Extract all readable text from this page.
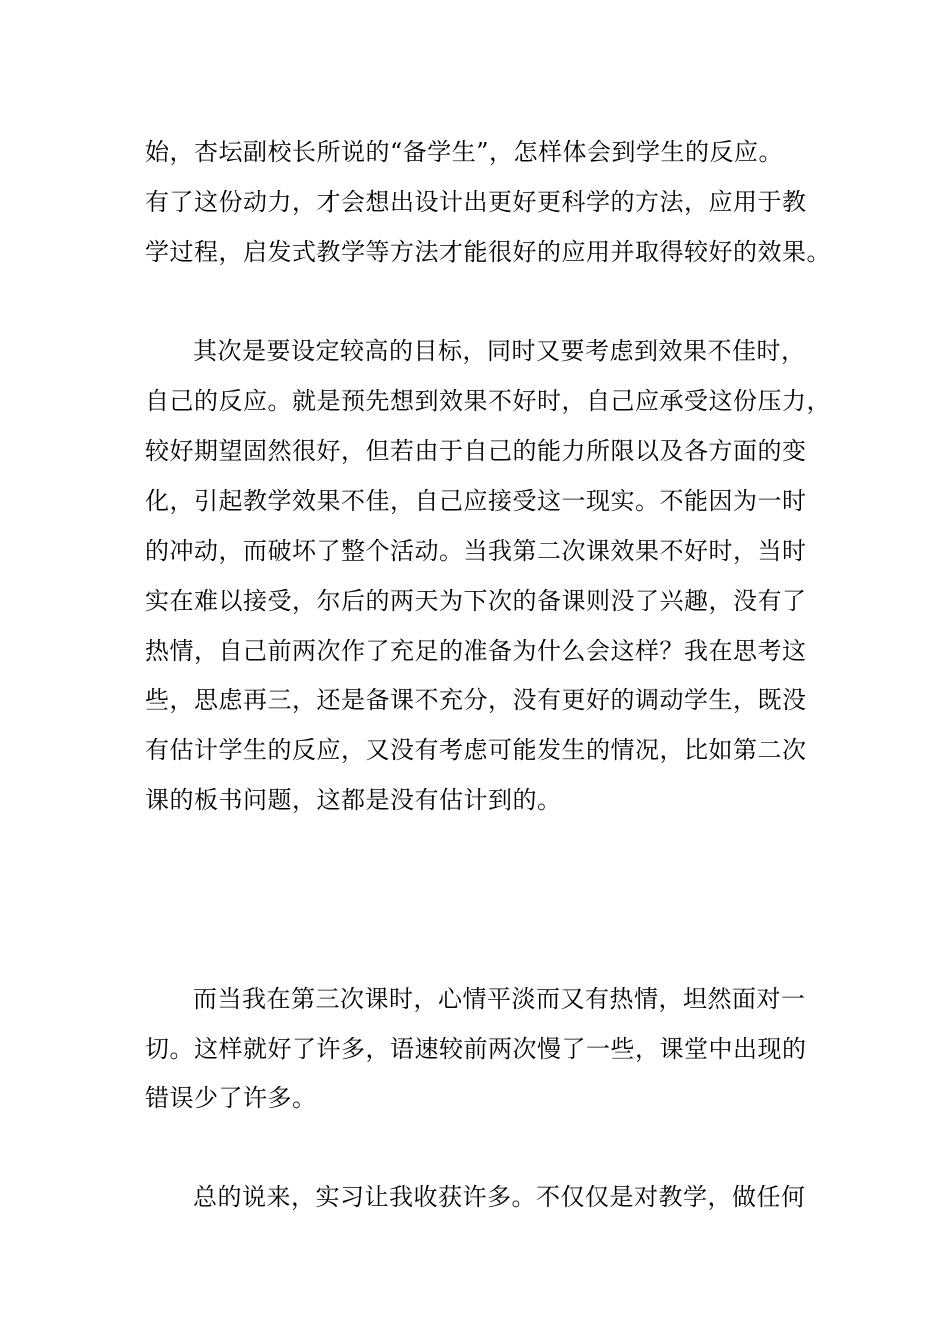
始，杏坛副校长所说的“备学生”，怎样体会到学生的反应。
有了这份动力，才会想出设计出更好更科学的方法，应用于教
学过程，启发式教学等方法才能很好的应用并取得较好的效果。
其次是要设定较高的目标，同时又要考虑到效果不佳时，
自己的反应。就是预先想到效果不好时，自己应承受这份压力，
较好期望固然很好，但若由于自己的能力所限以及各方面的变
化，引起教学效果不佳，自己应接受这一现实。不能因为一时
的冲动，而破坏了整个活动。当我第二次课效果不好时，当时
实在难以接受，尔后的两天为下次的备课则没了兴趣，没有了
热情，自己前两次作了充足的准备为什么会这样？我在思考这
些，思虑再三，还是备课不充分，没有更好的调动学生，既没
有估计学生的反应，又没有考虑可能发生的情况，比如第二次
课的板书问题，这都是没有估计到的。
而当我在第三次课时，心情平淡而又有热情，坦然面对一
切。这样就好了许多，语速较前两次慢了一些，课堂中出现的
错误少了许多。
总的说来，实习让我收获许多。不仅仅是对教学，做任何
